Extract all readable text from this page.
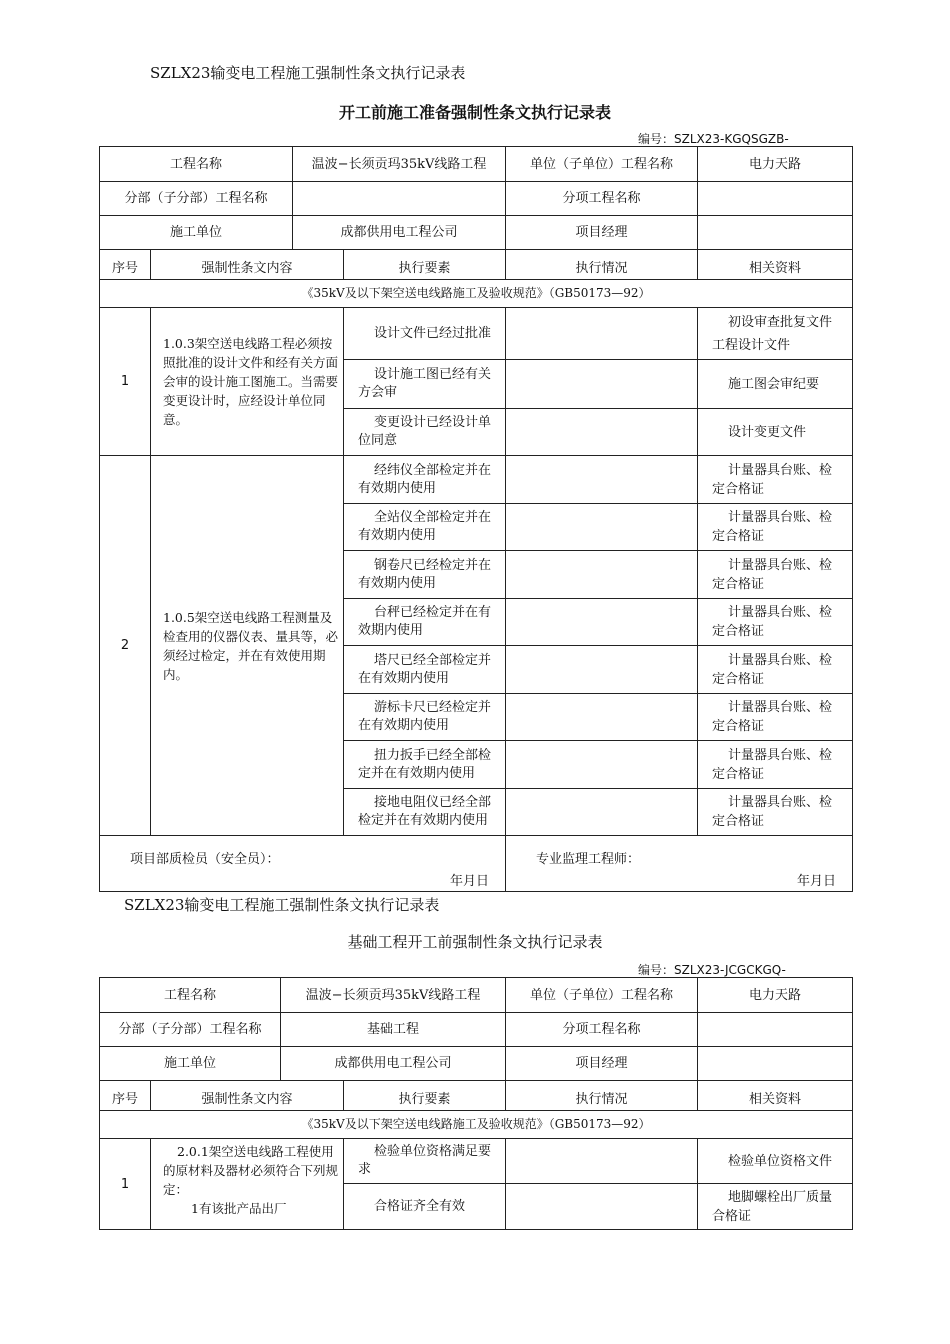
SZLX23输变电工程施工强制性条文执行记录表
开工前施工准备强制性条文执行记录表
编号：SZLX23-KGQSGZB-
工程名称		温波−长须贡玛35kV线路工程		单位（子单位）工程名称	电力天路
分部（子分部）工程名称				分项工程名称	
施工单位		成都供用电工程公司		项目经理	
序号	强制性条文内容		执行要素	执行情况	相关资料
《35kV及以下架空送电线路施工及验收规范》（GB50173—92）					
1	1.0.3架空送电线路工程必须按照批准的设计文件和经有关方面会审的设计施工图施工。当需要变更设计时，应经设计单位同意。		设计文件已经过批准		初设审查批复文件工程设计文件
			设计施工图已经有关方会审		施工图会审纪要
			变更设计已经设计单位同意		设计变更文件
2	1.0.5架空送电线路工程测量及检查用的仪器仪表、量具等，必须经过检定，并在有效使用期内。		经纬仪全部检定并在有效期内使用		计量器具台账、检定合格证
			全站仪全部检定并在有效期内使用		计量器具台账、检定合格证
			钢卷尺已经检定并在有效期内使用		计量器具台账、检定合格证
			台秤已经检定并在有效期内使用		计量器具台账、检定合格证
			塔尺已经全部检定并在有效期内使用		计量器具台账、检定合格证
			游标卡尺已经检定并在有效期内使用		计量器具台账、检定合格证
			扭力扳手已经全部检定并在有效期内使用		计量器具台账、检定合格证
			接地电阻仪已经全部检定并在有效期内使用		计量器具台账、检定合格证

项目部质检员（安全员）：
年月日				专业监理工程师：
年月日	
SZLX23输变电工程施工强制性条文执行记录表
基础工程开工前强制性条文执行记录表
编号：SZLX23-JCGCKGQ-
工程名称		温波−长须贡玛35kV线路工程		单位（子单位）工程名称	电力天路
分部（子分部）工程名称		基础工程		分项工程名称	
施工单位		成都供用电工程公司		项目经理	
序号	强制性条文内容		执行要素	执行情况	相关资料
《35kV及以下架空送电线路施工及验收规范》（GB50173—92）					
1	2.0.1架空送电线路工程使用的原材料及器材必须符合下列规定：
1有该批产品出厂		检验单位资格满足要求		检验单位资格文件
			合格证齐全有效		地脚螺栓出厂质量合格证
